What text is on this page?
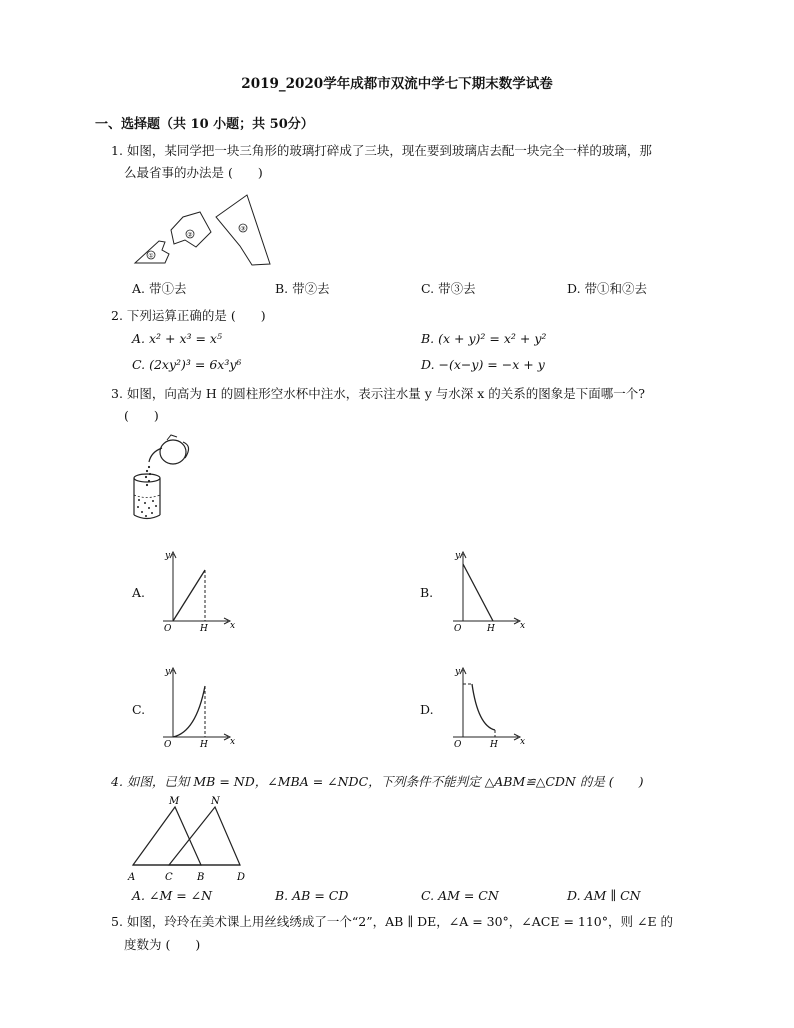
2019_2020学年成都市双流中学七下期末数学试卷
一、选择题（共 10 小题；共 50分）
1. 如图，某同学把一块三角形的玻璃打碎成了三块，现在要到玻璃店去配一块完全一样的玻璃，那
么最省事的办法是 (　　)
①
②
③
A. 带①去	B. 带②去	C. 带③去	D. 带①和②去
2. 下列运算正确的是 (　　)
A. x² + x³ = x⁵	B. (x + y)² = x² + y²
C. (2xy²)³ = 6x³y⁶	D. −(x−y) = −x + y
3. 如图，向高为 H 的圆柱形空水杯中注水，表示注水量 y 与水深 x 的关系的图象是下面哪一个?
(　　)
A.
y
x
O	H
B.
y
x
O	H
C.
y
x
O	H
D.
y
x
O	H
4. 如图，已知 MB = ND，∠MBA = ∠NDC，下列条件不能判定 △ABM≌△CDN 的是 (　　)
M	N
A	C B	D
A. ∠M = ∠N	B. AB = CD	C. AM = CN	D. AM ∥ CN
5. 如图，玲玲在美术课上用丝线绣成了一个“2”，AB ∥ DE，∠A = 30°，∠ACE = 110°，则 ∠E 的
度数为 (　　)
